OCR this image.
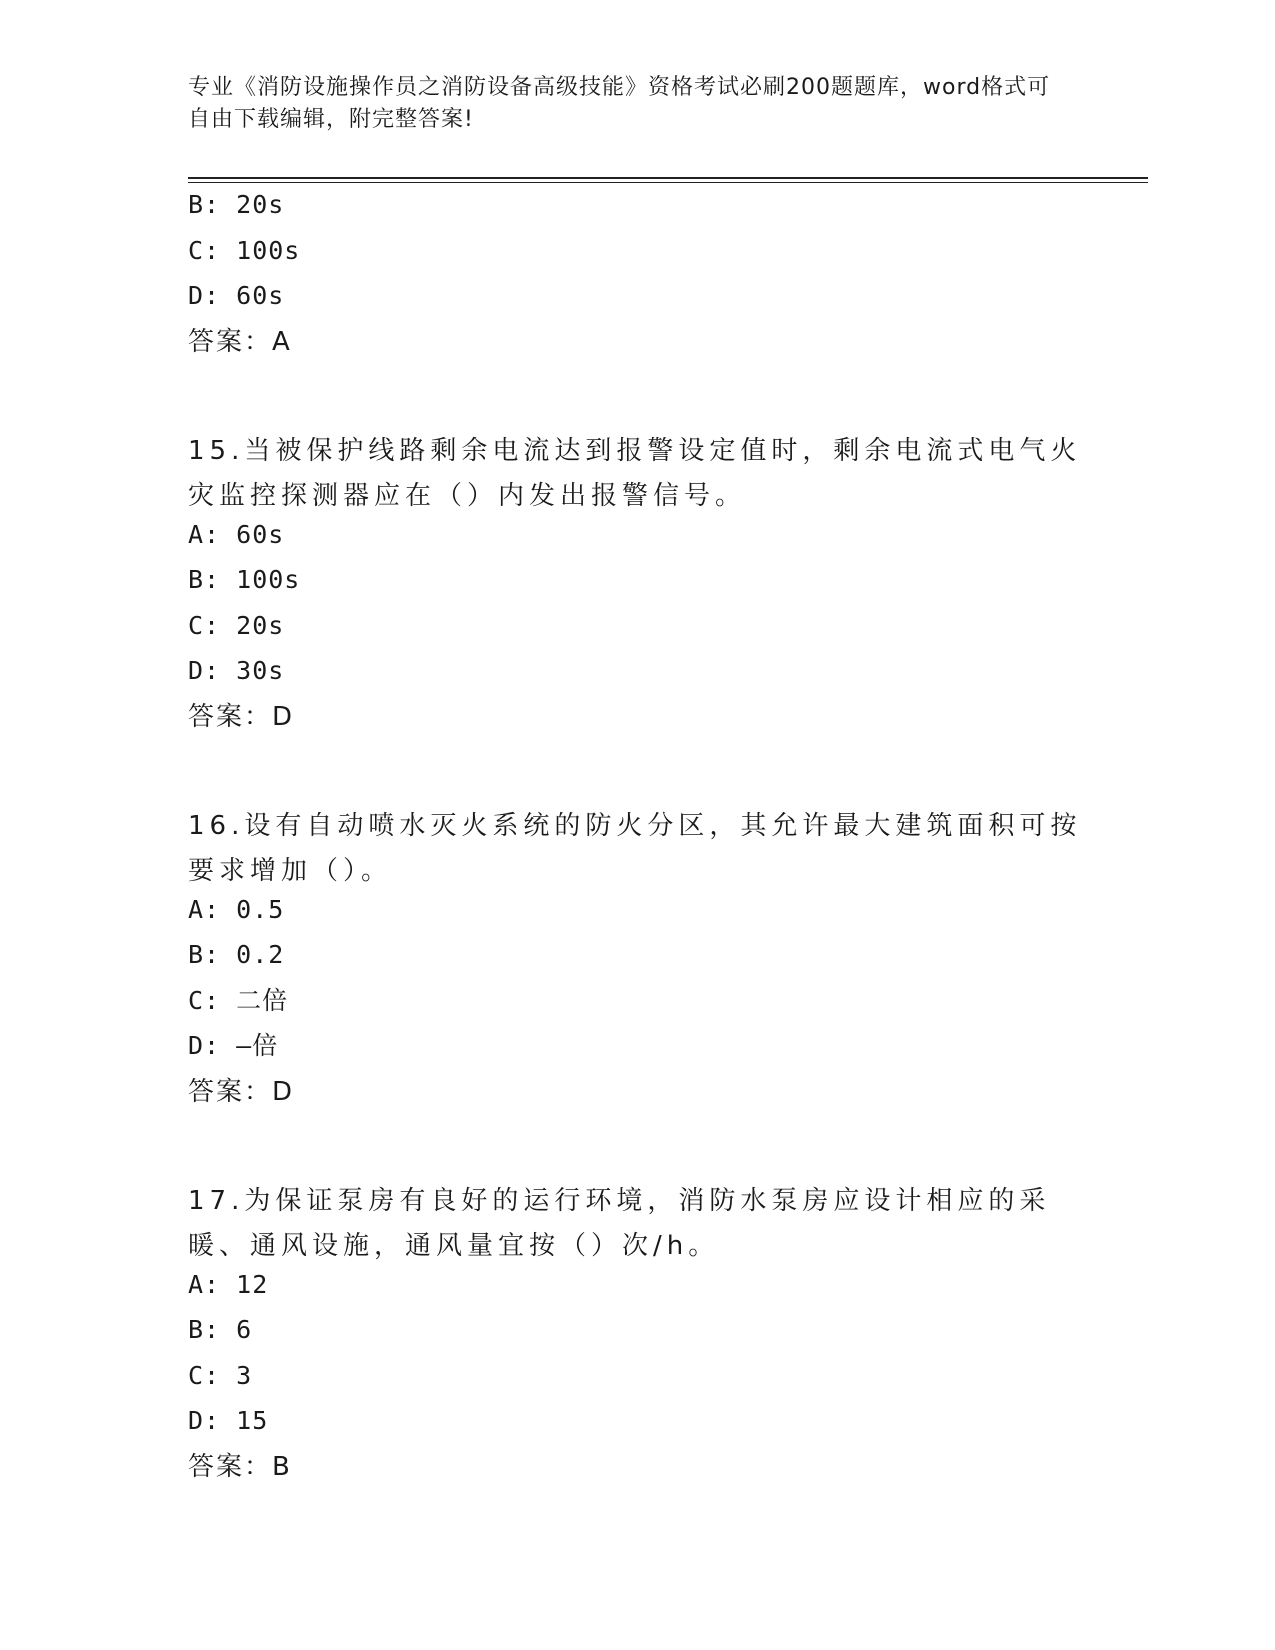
专业《消防设施操作员之消防设备高级技能》资格考试必刷200题题库，word格式可自由下载编辑，附完整答案!
B: 20s
C: 100s
D: 60s
答案：A
15.当被保护线路剩余电流达到报警设定值时，剩余电流式电气火灾监控探测器应在（）内发出报警信号。
A: 60s
B: 100s
C: 20s
D: 30s
答案：D
16.设有自动喷水灭火系统的防火分区，其允许最大建筑面积可按要求增加（）。
A: 0.5
B: 0.2
C: 二倍
D: —倍
答案：D
17.为保证泵房有良好的运行环境，消防水泵房应设计相应的采暖、通风设施，通风量宜按（）次/h。
A: 12
B: 6
C: 3
D: 15
答案：B
